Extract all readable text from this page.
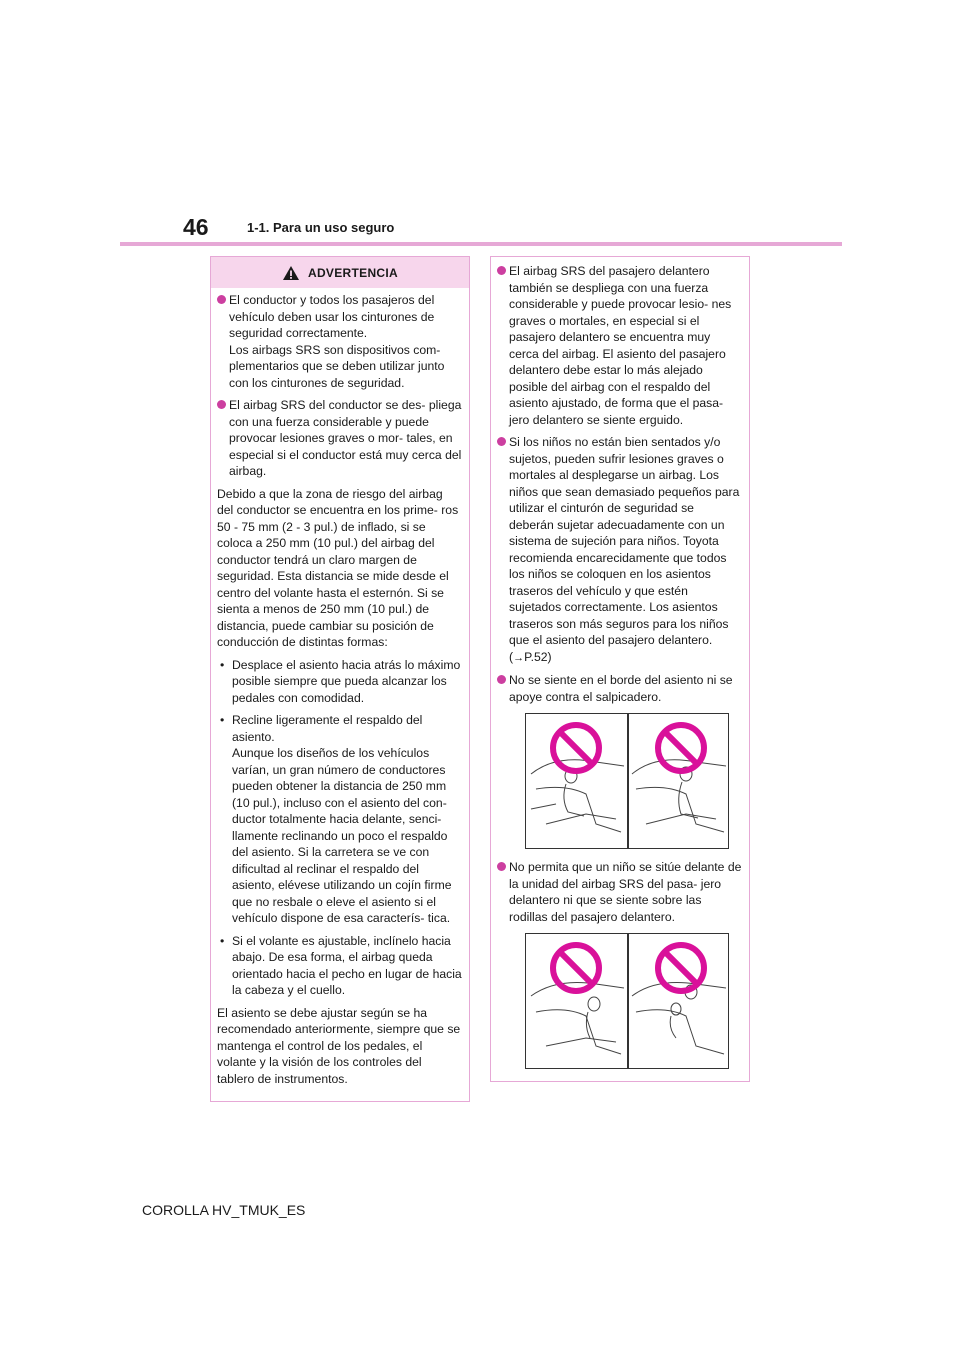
46	1-1. Para un uso seguro
ADVERTENCIA
El conductor y todos los pasajeros del vehículo deben usar los cinturones de seguridad correctamente.
Los airbags SRS son dispositivos com- plementarios que se deben utilizar junto con los cinturones de seguridad.
El airbag SRS del conductor se des- pliega con una fuerza considerable y puede provocar lesiones graves o mor- tales, en especial si el conductor está muy cerca del airbag.

Debido a que la zona de riesgo del airbag del conductor se encuentra en los prime- ros 50 - 75 mm (2 - 3 pul.) de inflado, si se coloca a 250 mm (10 pul.) del airbag del conductor tendrá un claro margen de seguridad. Esta distancia se mide desde el centro del volante hasta el esternón. Si se sienta a menos de 250 mm (10 pul.) de distancia, puede cambiar su posición de conducción de distintas formas:

• Desplace el asiento hacia atrás lo máximo posible siempre que pueda alcanzar los pedales con comodidad.
• Recline ligeramente el respaldo del asiento.
Aunque los diseños de los vehículos varían, un gran número de conductores pueden obtener la distancia de 250 mm (10 pul.), incluso con el asiento del con- ductor totalmente hacia delante, senci- llamente reclinando un poco el respaldo del asiento. Si la carretera se ve con dificultad al reclinar el respaldo del asiento, elévese utilizando un cojín firme que no resbale o eleve el asiento si el vehículo dispone de esa caracterís- tica.
• Si el volante es ajustable, inclínelo hacia abajo. De esa forma, el airbag queda orientado hacia el pecho en lugar de hacia la cabeza y el cuello.

El asiento se debe ajustar según se ha recomendado anteriormente, siempre que se mantenga el control de los pedales, el volante y la visión de los controles del tablero de instrumentos.

El airbag SRS del pasajero delantero también se despliega con una fuerza considerable y puede provocar lesio- nes graves o mortales, en especial si el pasajero delantero se encuentra muy cerca del airbag. El asiento del pasajero delantero debe estar lo más alejado posible del airbag con el respaldo del asiento ajustado, de forma que el pasa- jero delantero se siente erguido.
Si los niños no están bien sentados y/o sujetos, pueden sufrir lesiones graves o mortales al desplegarse un airbag. Los niños que sean demasiado pequeños para utilizar el cinturón de seguridad se deberán sujetar adecuadamente con un sistema de sujeción para niños. Toyota recomienda encarecidamente que todos los niños se coloquen en los asientos traseros del vehículo y que estén sujetados correctamente. Los asientos traseros son más seguros para los niños que el asiento del pasajero delantero. (→P.52)
No se siente en el borde del asiento ni se apoye contra el salpicadero.
No permita que un niño se sitúe delante de la unidad del airbag SRS del pasa- jero delantero ni que se siente sobre las rodillas del pasajero delantero.
COROLLA HV_TMUK_ES
